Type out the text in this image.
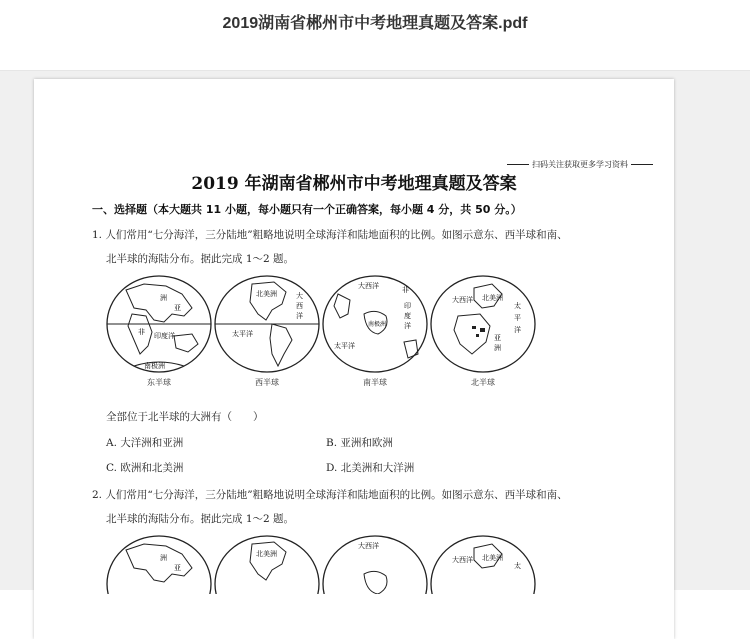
2019湖南省郴州市中考地理真题及答案.pdf
扫码关注获取更多学习资料
2019 年湖南省郴州市中考地理真题及答案
一、选择题（本大题共 11 小题，每小题只有一个正确答案，每小题 4 分，共 50 分。）
1. 人们常用“七分海洋，三分陆地”粗略地说明全球海洋和陆地面积的比例。如图示意东、西半球和南、
北半球的海陆分布。据此完成 1～2 题。
洲
亚
非 印度洋
南极洲
东半球
北美洲	大
西
洋
太平洋
西半球
大西洋	非
印
度
洋
南极洲
太平洋
南半球
大西洋 北美洲
太
平
洋
亚
洲
北半球
全部位于北半球的大洲有（　　）
A. 大洋洲和亚洲	B. 亚洲和欧洲
C. 欧洲和北美洲	D. 北美洲和大洋洲
2. 人们常用“七分海洋，三分陆地”粗略地说明全球海洋和陆地面积的比例。如图示意东、西半球和南、
北半球的海陆分布。据此完成 1～2 题。
洲
亚
北美洲
大西洋
大西洋 北美洲
太
